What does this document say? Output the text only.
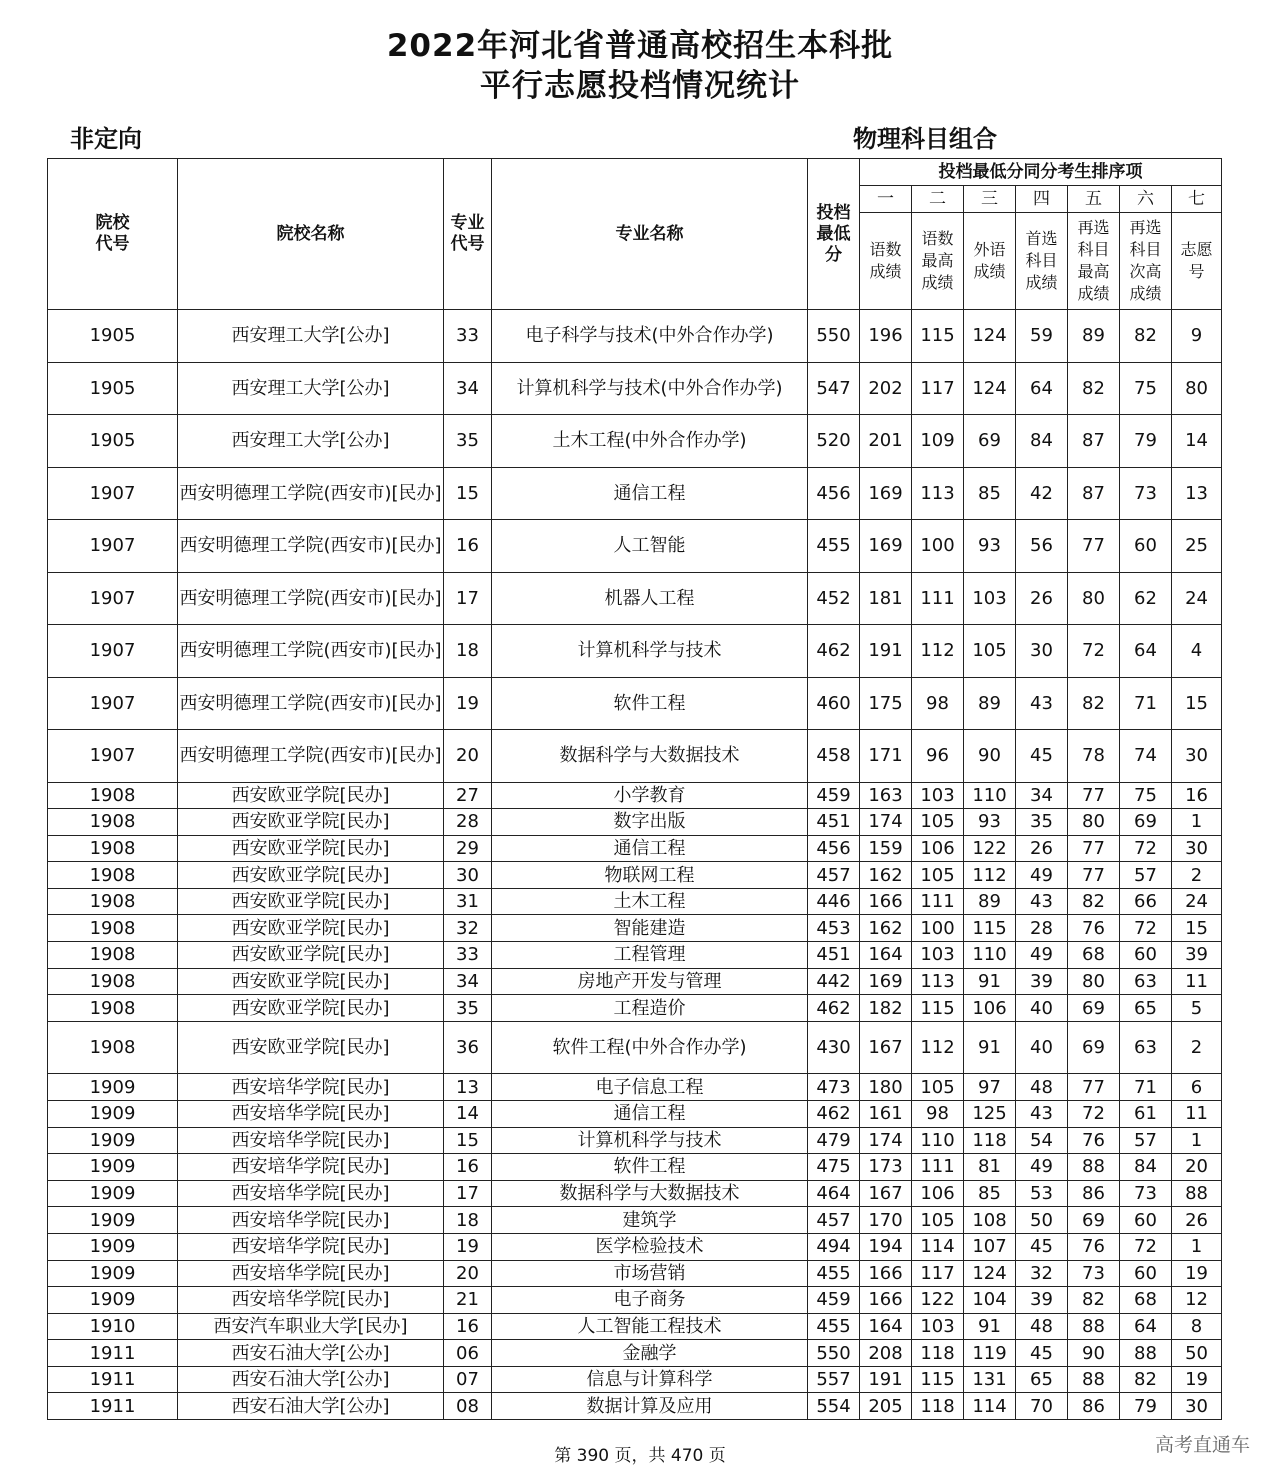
2022年河北省普通高校招生本科批
平行志愿投档情况统计
非定向	物理科目组合
院校代号	院校名称	专业代号	专业名称	投档最低分	投档最低分同分考生排序项						
					一	二	三	四	五	六	七

					语数成绩	语数最高成绩	外语成绩	首选科目成绩	再选科目最高成绩	再选科目次高成绩	志愿号

1905	西安理工大学[公办]	33	电子科学与技术(中外合作办学)	550	196	115	124	59	89	82	9
1905	西安理工大学[公办]	34	计算机科学与技术(中外合作办学)	547	202	117	124	64	82	75	80
1905	西安理工大学[公办]	35	土木工程(中外合作办学)	520	201	109	69	84	87	79	14
1907	西安明德理工学院(西安市)[民办]	15	通信工程	456	169	113	85	42	87	73	13
1907	西安明德理工学院(西安市)[民办]	16	人工智能	455	169	100	93	56	77	60	25
1907	西安明德理工学院(西安市)[民办]	17	机器人工程	452	181	111	103	26	80	62	24
1907	西安明德理工学院(西安市)[民办]	18	计算机科学与技术	462	191	112	105	30	72	64	4
1907	西安明德理工学院(西安市)[民办]	19	软件工程	460	175	98	89	43	82	71	15
1907	西安明德理工学院(西安市)[民办]	20	数据科学与大数据技术	458	171	96	90	45	78	74	30
1908	西安欧亚学院[民办]	27	小学教育	459	163	103	110	34	77	75	16
1908	西安欧亚学院[民办]	28	数字出版	451	174	105	93	35	80	69	1
1908	西安欧亚学院[民办]	29	通信工程	456	159	106	122	26	77	72	30
1908	西安欧亚学院[民办]	30	物联网工程	457	162	105	112	49	77	57	2
1908	西安欧亚学院[民办]	31	土木工程	446	166	111	89	43	82	66	24
1908	西安欧亚学院[民办]	32	智能建造	453	162	100	115	28	76	72	15
1908	西安欧亚学院[民办]	33	工程管理	451	164	103	110	49	68	60	39
1908	西安欧亚学院[民办]	34	房地产开发与管理	442	169	113	91	39	80	63	11
1908	西安欧亚学院[民办]	35	工程造价	462	182	115	106	40	69	65	5
1908	西安欧亚学院[民办]	36	软件工程(中外合作办学)	430	167	112	91	40	69	63	2
1909	西安培华学院[民办]	13	电子信息工程	473	180	105	97	48	77	71	6
1909	西安培华学院[民办]	14	通信工程	462	161	98	125	43	72	61	11
1909	西安培华学院[民办]	15	计算机科学与技术	479	174	110	118	54	76	57	1
1909	西安培华学院[民办]	16	软件工程	475	173	111	81	49	88	84	20
1909	西安培华学院[民办]	17	数据科学与大数据技术	464	167	106	85	53	86	73	88
1909	西安培华学院[民办]	18	建筑学	457	170	105	108	50	69	60	26
1909	西安培华学院[民办]	19	医学检验技术	494	194	114	107	45	76	72	1
1909	西安培华学院[民办]	20	市场营销	455	166	117	124	32	73	60	19
1909	西安培华学院[民办]	21	电子商务	459	166	122	104	39	82	68	12
1910	西安汽车职业大学[民办]	16	人工智能工程技术	455	164	103	91	48	88	64	8
1911	西安石油大学[公办]	06	金融学	550	208	118	119	45	90	88	50
1911	西安石油大学[公办]	07	信息与计算科学	557	191	115	131	65	88	82	19
1911	西安石油大学[公办]	08	数据计算及应用	554	205	118	114	70	86	79	30
第 390 页，共 470 页	高考直通车
